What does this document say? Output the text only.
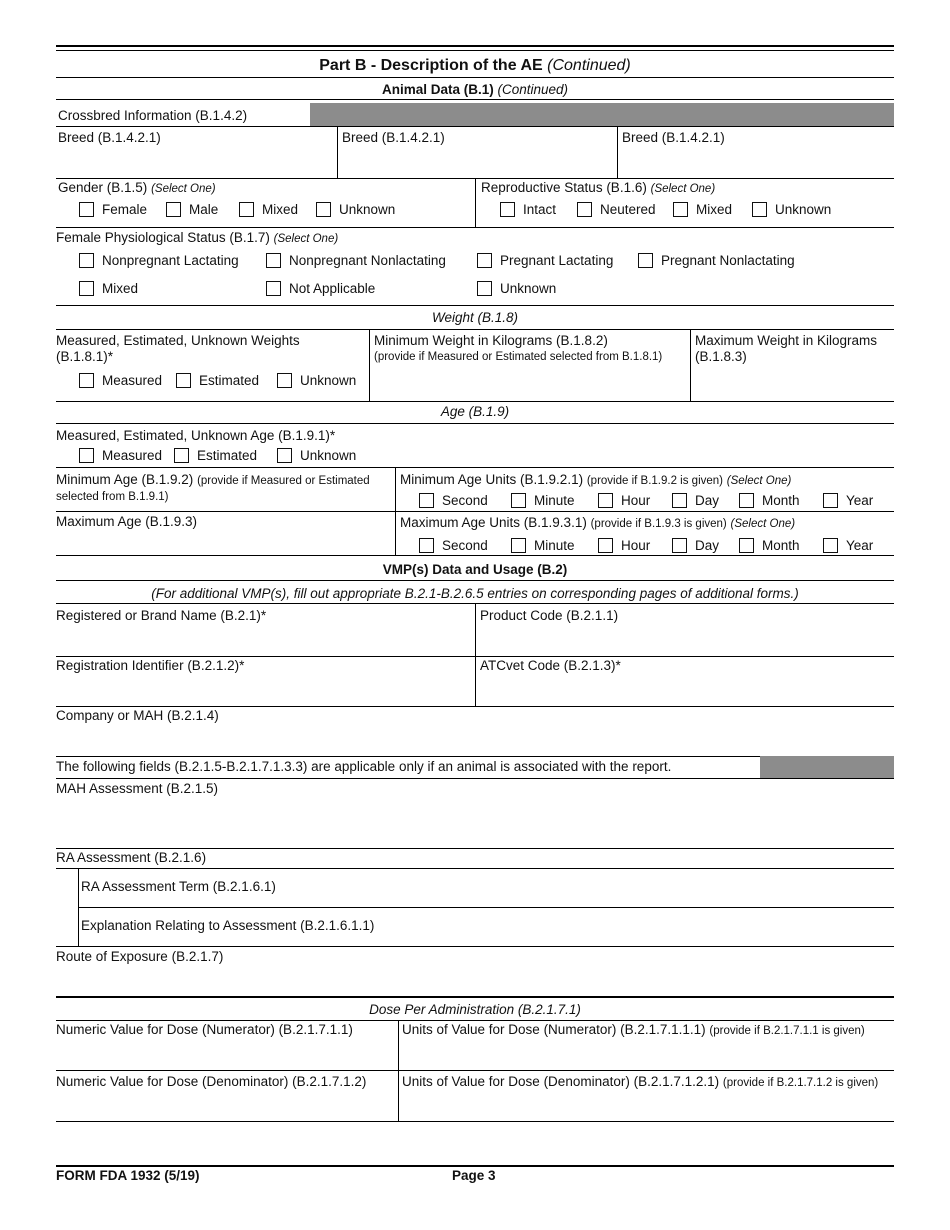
Part B - Description of the AE (Continued)
Animal Data (B.1) (Continued)
Crossbred Information (B.1.4.2)
Breed (B.1.4.2.1)	Breed (B.1.4.2.1)	Breed (B.1.4.2.1)
Gender (B.1.5) (Select One)
Female	Male	Mixed	Unknown
Reproductive Status (B.1.6) (Select One)
Intact	Neutered	Mixed	Unknown
Female Physiological Status (B.1.7) (Select One)
Nonpregnant Lactating	Nonpregnant Nonlactating	Pregnant Lactating	Pregnant Nonlactating
Mixed	Not Applicable	Unknown
Weight (B.1.8)
Measured, Estimated, Unknown Weights
(B.1.8.1)*
Measured	Estimated	Unknown
Minimum Weight in Kilograms (B.1.8.2)
(provide if Measured or Estimated selected from B.1.8.1)
Maximum Weight in Kilograms
(B.1.8.3)
Age (B.1.9)
Measured, Estimated, Unknown Age (B.1.9.1)*
Measured	Estimated	Unknown
Minimum Age (B.1.9.2) (provide if Measured or Estimated
selected from B.1.9.1)
Minimum Age Units (B.1.9.2.1) (provide if B.1.9.2 is given) (Select One)
Second	Minute	Hour	Day	Month	Year
Maximum Age (B.1.9.3)	Maximum Age Units (B.1.9.3.1) (provide if B.1.9.3 is given) (Select One)
Second	Minute	Hour	Day	Month	Year
VMP(s) Data and Usage (B.2)
(For additional VMP(s), fill out appropriate B.2.1-B.2.6.5 entries on corresponding pages of additional forms.)
Registered or Brand Name (B.2.1)*	Product Code (B.2.1.1)
Registration Identifier (B.2.1.2)*	ATCvet Code (B.2.1.3)*
Company or MAH (B.2.1.4)
The following fields (B.2.1.5-B.2.1.7.1.3.3) are applicable only if an animal is associated with the report.
MAH Assessment (B.2.1.5)
RA Assessment (B.2.1.6)
RA Assessment Term (B.2.1.6.1)
Explanation Relating to Assessment (B.2.1.6.1.1)
Route of Exposure (B.2.1.7)
Dose Per Administration (B.2.1.7.1)
Numeric Value for Dose (Numerator) (B.2.1.7.1.1)	Units of Value for Dose (Numerator) (B.2.1.7.1.1.1) (provide if B.2.1.7.1.1 is given)
Numeric Value for Dose (Denominator) (B.2.1.7.1.2)	Units of Value for Dose (Denominator) (B.2.1.7.1.2.1) (provide if B.2.1.7.1.2 is given)
FORM FDA 1932 (5/19)	Page 3
